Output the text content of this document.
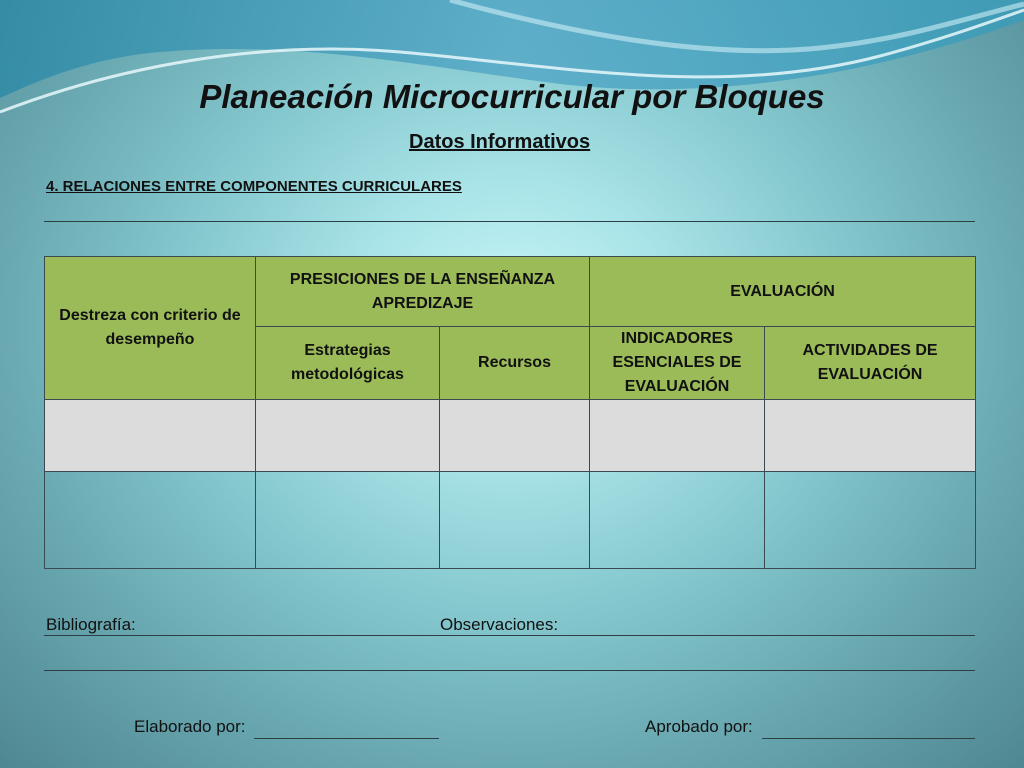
Planeación Microcurricular por Bloques
Datos Informativos
4. RELACIONES ENTRE COMPONENTES CURRICULARES
Destreza con criterio de desempeño	PRESICIONES DE LA ENSEÑANZA APREDIZAJE		EVALUACIÓN	
	Estrategias metodológicas	Recursos	INDICADORES ESENCIALES DE EVALUACIÓN	ACTIVIDADES DE EVALUACIÓN

Bibliografía:	Observaciones:
Elaborado por:	Aprobado por:
